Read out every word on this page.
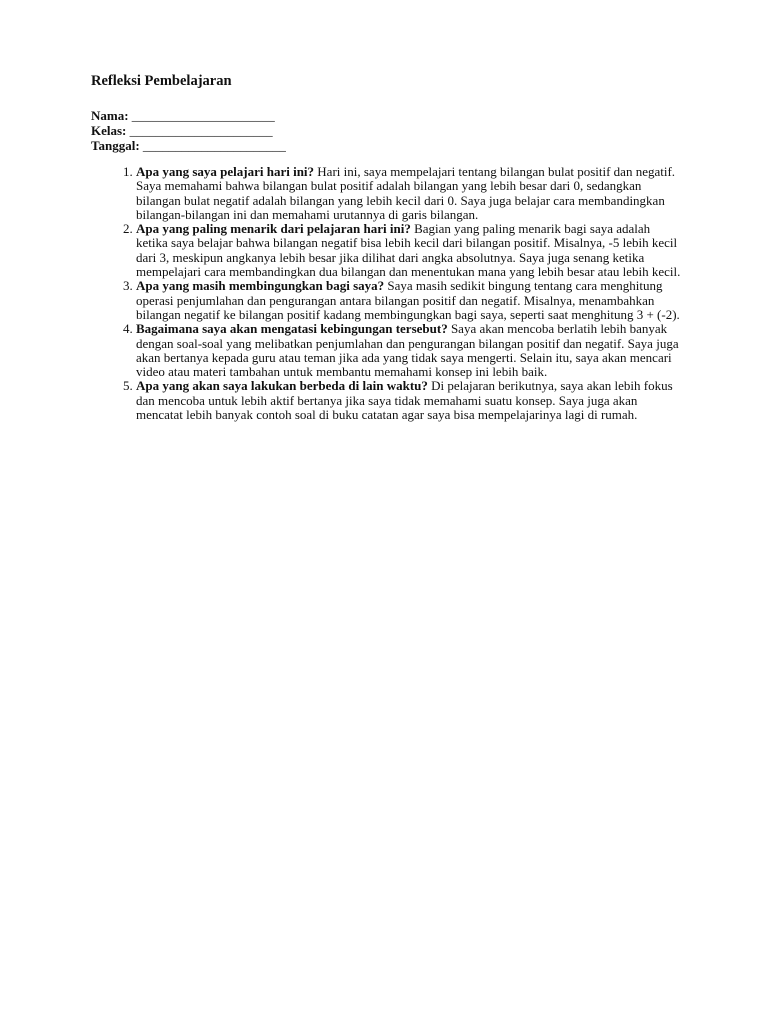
Refleksi Pembelajaran
Nama: ______________________
Kelas: ______________________
Tanggal: ______________________
1. Apa yang saya pelajari hari ini? Hari ini, saya mempelajari tentang bilangan bulat positif dan negatif. Saya memahami bahwa bilangan bulat positif adalah bilangan yang lebih besar dari 0, sedangkan bilangan bulat negatif adalah bilangan yang lebih kecil dari 0. Saya juga belajar cara membandingkan bilangan-bilangan ini dan memahami urutannya di garis bilangan.
2. Apa yang paling menarik dari pelajaran hari ini? Bagian yang paling menarik bagi saya adalah ketika saya belajar bahwa bilangan negatif bisa lebih kecil dari bilangan positif. Misalnya, -5 lebih kecil dari 3, meskipun angkanya lebih besar jika dilihat dari angka absolutnya. Saya juga senang ketika mempelajari cara membandingkan dua bilangan dan menentukan mana yang lebih besar atau lebih kecil.
3. Apa yang masih membingungkan bagi saya? Saya masih sedikit bingung tentang cara menghitung operasi penjumlahan dan pengurangan antara bilangan positif dan negatif. Misalnya, menambahkan bilangan negatif ke bilangan positif kadang membingungkan bagi saya, seperti saat menghitung 3 + (-2).
4. Bagaimana saya akan mengatasi kebingungan tersebut? Saya akan mencoba berlatih lebih banyak dengan soal-soal yang melibatkan penjumlahan dan pengurangan bilangan positif dan negatif. Saya juga akan bertanya kepada guru atau teman jika ada yang tidak saya mengerti. Selain itu, saya akan mencari video atau materi tambahan untuk membantu memahami konsep ini lebih baik.
5. Apa yang akan saya lakukan berbeda di lain waktu? Di pelajaran berikutnya, saya akan lebih fokus dan mencoba untuk lebih aktif bertanya jika saya tidak memahami suatu konsep. Saya juga akan mencatat lebih banyak contoh soal di buku catatan agar saya bisa mempelajarinya lagi di rumah.
